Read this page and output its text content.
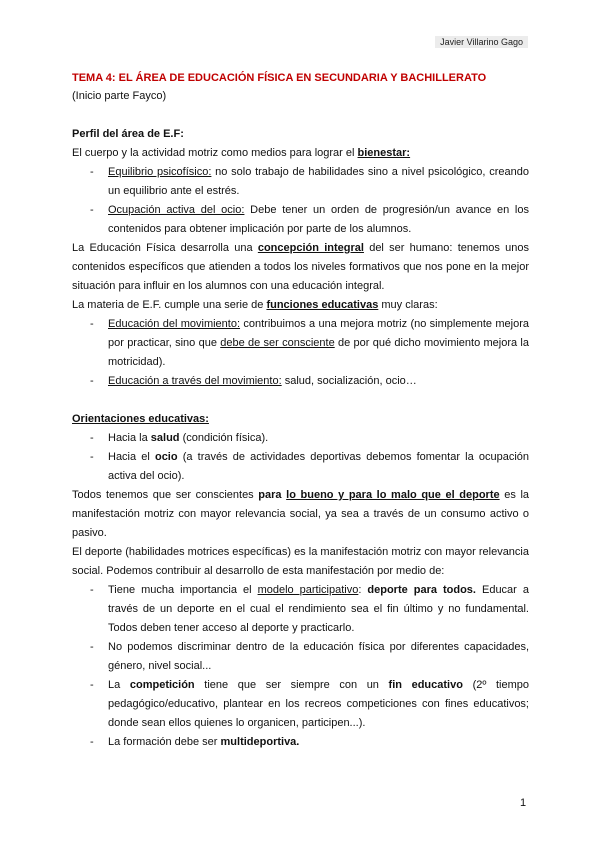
Javier Villarino Gago

TEMA 4: EL ÁREA DE EDUCACIÓN FÍSICA EN SECUNDARIA Y BACHILLERATO

(Inicio parte Fayco)

Perfil del área de E.F:

El cuerpo y la actividad motriz como medios para lograr el bienestar:

- Equilibrio psicofísico: no solo trabajo de habilidades sino a nivel psicológico, creando un equilibrio ante el estrés.
- Ocupación activa del ocio: Debe tener un orden de progresión/un avance en los contenidos para obtener implicación por parte de los alumnos.

La Educación Física desarrolla una concepción integral del ser humano: tenemos unos contenidos específicos que atienden a todos los niveles formativos que nos pone en la mejor situación para influir en los alumnos con una educación integral.

La materia de E.F. cumple una serie de funciones educativas muy claras:

- Educación del movimiento: contribuimos a una mejora motriz (no simplemente mejora por practicar, sino que debe de ser consciente de por qué dicho movimiento mejora la motricidad).
- Educación a través del movimiento: salud, socialización, ocio…

Orientaciones educativas:

- Hacia la salud (condición física).
- Hacia el ocio (a través de actividades deportivas debemos fomentar la ocupación activa del ocio).

Todos tenemos que ser conscientes para lo bueno y para lo malo que el deporte es la manifestación motriz con mayor relevancia social, ya sea a través de un consumo activo o pasivo.

El deporte (habilidades motrices específicas) es la manifestación motriz con mayor relevancia social. Podemos contribuir al desarrollo de esta manifestación por medio de:

- Tiene mucha importancia el modelo participativo: deporte para todos. Educar a través de un deporte en el cual el rendimiento sea el fin último y no fundamental. Todos deben tener acceso al deporte y practicarlo.
- No podemos discriminar dentro de la educación física por diferentes capacidades, género, nivel social...
- La competición tiene que ser siempre con un fin educativo (2º tiempo pedagógico/educativo, plantear en los recreos competiciones con fines educativos; donde sean ellos quienes lo organicen, participen...).
- La formación debe ser multideportiva.
1
